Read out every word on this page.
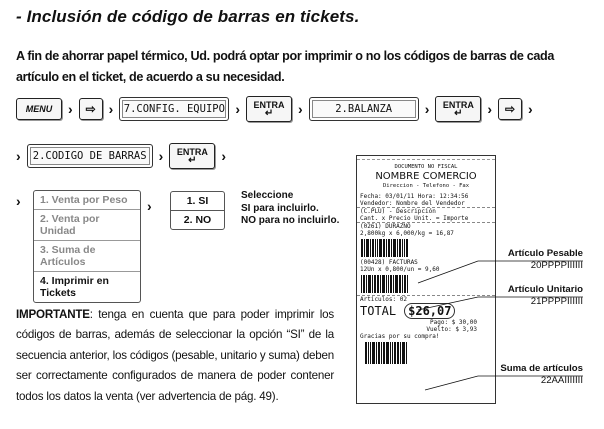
- Inclusión de código de barras en tickets.
A fin de ahorrar papel térmico, Ud. podrá optar por imprimir o no los códigos de barras de cada artículo en el ticket, de acuerdo a su necesidad.
MENU › ⇨ › 7.CONFIG. EQUIPO › ENTRA
↵ ›	2.BALANZA	› ENTRA
↵ › ⇨ ›
›	2.CODIGO DE BARRAS › ENTRA
↵ ›
›	1. Venta por Peso
2. Venta por Unidad
3. Suma de Artículos
4. Imprimir en Tickets
›	1. SI
2. NO
Seleccione
SI para incluirlo.
NO para no incluirlo.
IMPORTANTE: tenga en cuenta que para poder imprimir los códigos de barras, además de seleccionar la opción “SI” de la secuencia anterior, los códigos (pesable, unitario y suma) deben ser correctamente configurados de manera de poder contener todos los datos la venta (ver advertencia de pág. 49).
DOCUMENTO NO FISCAL
NOMBRE COMERCIO
Direccion - Telefono - Fax
Fecha: 03/01/11 Hora: 12:34:56
Vendedor: Nombre del Vendedor
(C.PLU) - Descripción
Cant. x Precio Unit. = Importe
(0261) DURAZNO
2,800kg x 6,000/kg = 16,87
(00428) FACTURAS
12Un x 0,800/un = 9,60
Articulos: 02
TOTAL	$26,07
Pago: $ 30,00
Vuelto: $ 3,93
Gracias por su compra!
Artículo Pesable
20PPPPIIIIII
Artículo Unitario
21PPPPIIIIII
Suma de artículos
22AAIIIIIII
